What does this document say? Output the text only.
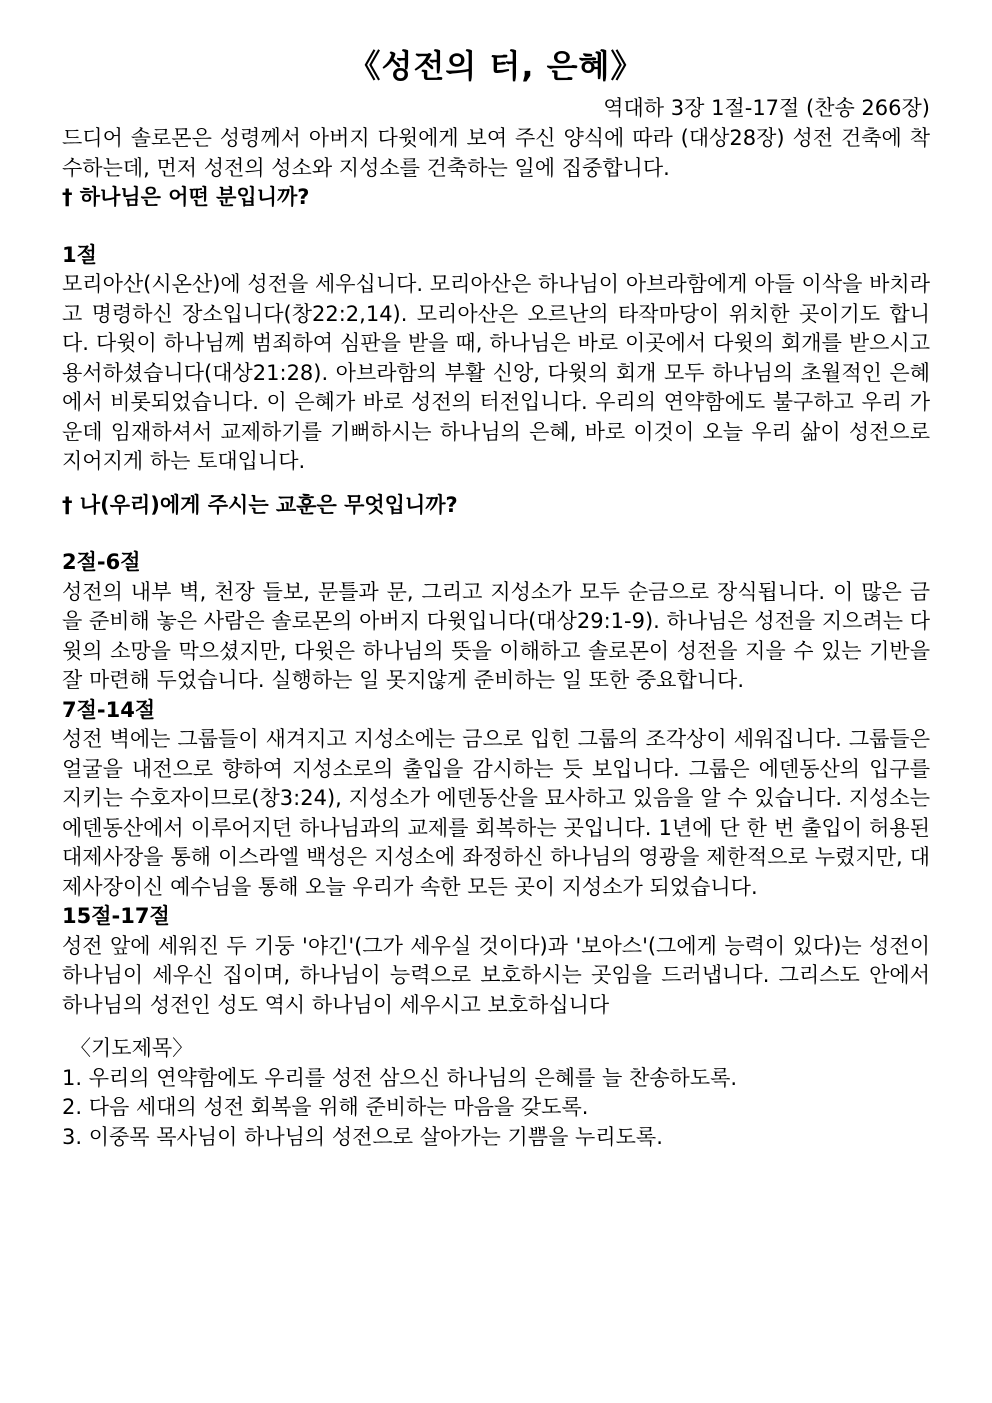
《성전의 터, 은혜》
역대하 3장 1절-17절 (찬송 266장)

드디어 솔로몬은 성령께서 아버지 다윗에게 보여 주신 양식에 따라 (대상28장) 성전 건축에 착수하는데, 먼저 성전의 성소와 지성소를 건축하는 일에 집중합니다.

† 하나님은 어떤 분입니까?

1절

모리아산(시온산)에 성전을 세우십니다. 모리아산은 하나님이 아브라함에게 아들 이삭을 바치라고 명령하신 장소입니다(창22:2,14). 모리아산은 오르난의 타작마당이 위치한 곳이기도 합니다. 다윗이 하나님께 범죄하여 심판을 받을 때, 하나님은 바로 이곳에서 다윗의 회개를 받으시고 용서하셨습니다(대상21:28). 아브라함의 부활 신앙, 다윗의 회개 모두 하나님의 초월적인 은혜에서 비롯되었습니다. 이 은혜가 바로 성전의 터전입니다. 우리의 연약함에도 불구하고 우리 가운데 임재하셔서 교제하기를 기뻐하시는 하나님의 은혜, 바로 이것이 오늘 우리 삶이 성전으로 지어지게 하는 토대입니다.

† 나(우리)에게 주시는 교훈은 무엇입니까?

2절-6절

성전의 내부 벽, 천장 들보, 문틀과 문, 그리고 지성소가 모두 순금으로 장식됩니다. 이 많은 금을 준비해 놓은 사람은 솔로몬의 아버지 다윗입니다(대상29:1-9). 하나님은 성전을 지으려는 다윗의 소망을 막으셨지만, 다윗은 하나님의 뜻을 이해하고 솔로몬이 성전을 지을 수 있는 기반을 잘 마련해 두었습니다. 실행하는 일 못지않게 준비하는 일 또한 중요합니다.

7절-14절

성전 벽에는 그룹들이 새겨지고 지성소에는 금으로 입힌 그룹의 조각상이 세워집니다. 그룹들은 얼굴을 내전으로 향하여 지성소로의 출입을 감시하는 듯 보입니다. 그룹은 에덴동산의 입구를 지키는 수호자이므로(창3:24), 지성소가 에덴동산을 묘사하고 있음을 알 수 있습니다. 지성소는 에덴동산에서 이루어지던 하나님과의 교제를 회복하는 곳입니다. 1년에 단 한 번 출입이 허용된 대제사장을 통해 이스라엘 백성은 지성소에 좌정하신 하나님의 영광을 제한적으로 누렸지만, 대제사장이신 예수님을 통해 오늘 우리가 속한 모든 곳이 지성소가 되었습니다.

15절-17절

성전 앞에 세워진 두 기둥 '야긴'(그가 세우실 것이다)과 '보아스'(그에게 능력이 있다)는 성전이 하나님이 세우신 집이며, 하나님이 능력으로 보호하시는 곳임을 드러냅니다. 그리스도 안에서 하나님의 성전인 성도 역시 하나님이 세우시고 보호하십니다

〈기도제목〉

1. 우리의 연약함에도 우리를 성전 삼으신 하나님의 은혜를 늘 찬송하도록.
2. 다음 세대의 성전 회복을 위해 준비하는 마음을 갖도록.
3. 이중목 목사님이 하나님의 성전으로 살아가는 기쁨을 누리도록.
